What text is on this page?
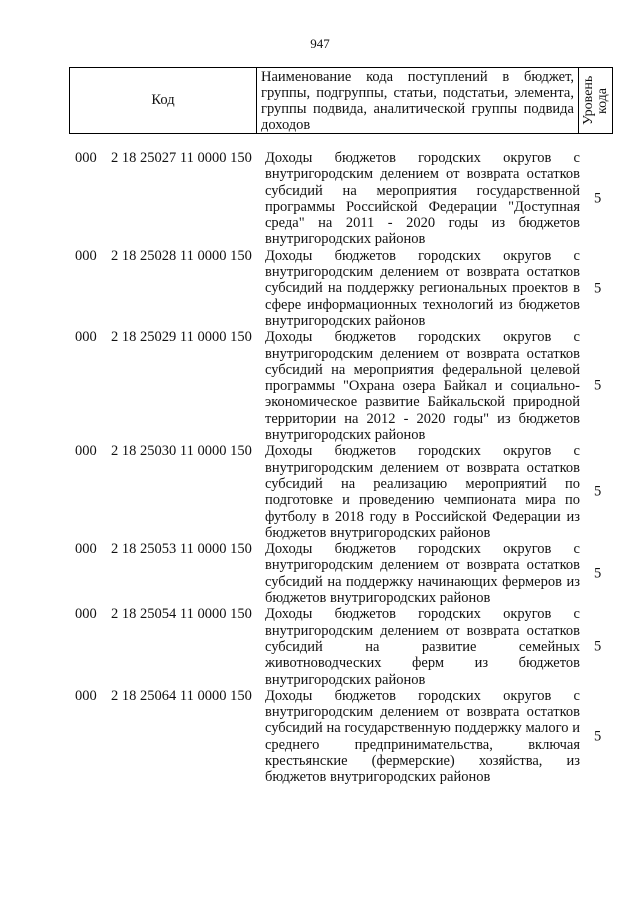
947
Код
Наименование кода поступлений в бюджет, группы, подгруппы, статьи, подстатьи, элемента, группы подвида, аналитической группы подвида доходов	Уровень кода
000 2 18 25027 11 0000 150 Доходы бюджетов городских округов с внутригородским делением от возврата остатков субсидий на мероприятия государственной программы Российской Федерации "Доступная среда" на 2011 - 2020 годы из бюджетов внутригородских районов
5
000 2 18 25028 11 0000 150 Доходы бюджетов городских округов с внутригородским делением от возврата остатков субсидий на поддержку региональных проектов в сфере информационных технологий из бюджетов внутригородских районов
5
000 2 18 25029 11 0000 150 Доходы бюджетов городских округов с внутригородским делением от возврата остатков субсидий на мероприятия федеральной целевой программы "Охрана озера Байкал и социально-экономическое развитие Байкальской природной территории на 2012 - 2020 годы" из бюджетов внутригородских районов
5
000 2 18 25030 11 0000 150 Доходы бюджетов городских округов с внутригородским делением от возврата остатков субсидий на реализацию мероприятий по подготовке и проведению чемпионата мира по футболу в 2018 году в Российской Федерации из бюджетов внутригородских районов
5
000 2 18 25053 11 0000 150 Доходы бюджетов городских округов с внутригородским делением от возврата остатков субсидий на поддержку начинающих фермеров из бюджетов внутригородских районов
5
000 2 18 25054 11 0000 150 Доходы бюджетов городских округов с внутригородским делением от возврата остатков субсидий на развитие семейных животноводческих ферм из бюджетов внутригородских районов
5
000 2 18 25064 11 0000 150 Доходы бюджетов городских округов с внутригородским делением от возврата остатков субсидий на государственную поддержку малого и среднего предпринимательства, включая крестьянские (фермерские) хозяйства, из бюджетов внутригородских районов
5
